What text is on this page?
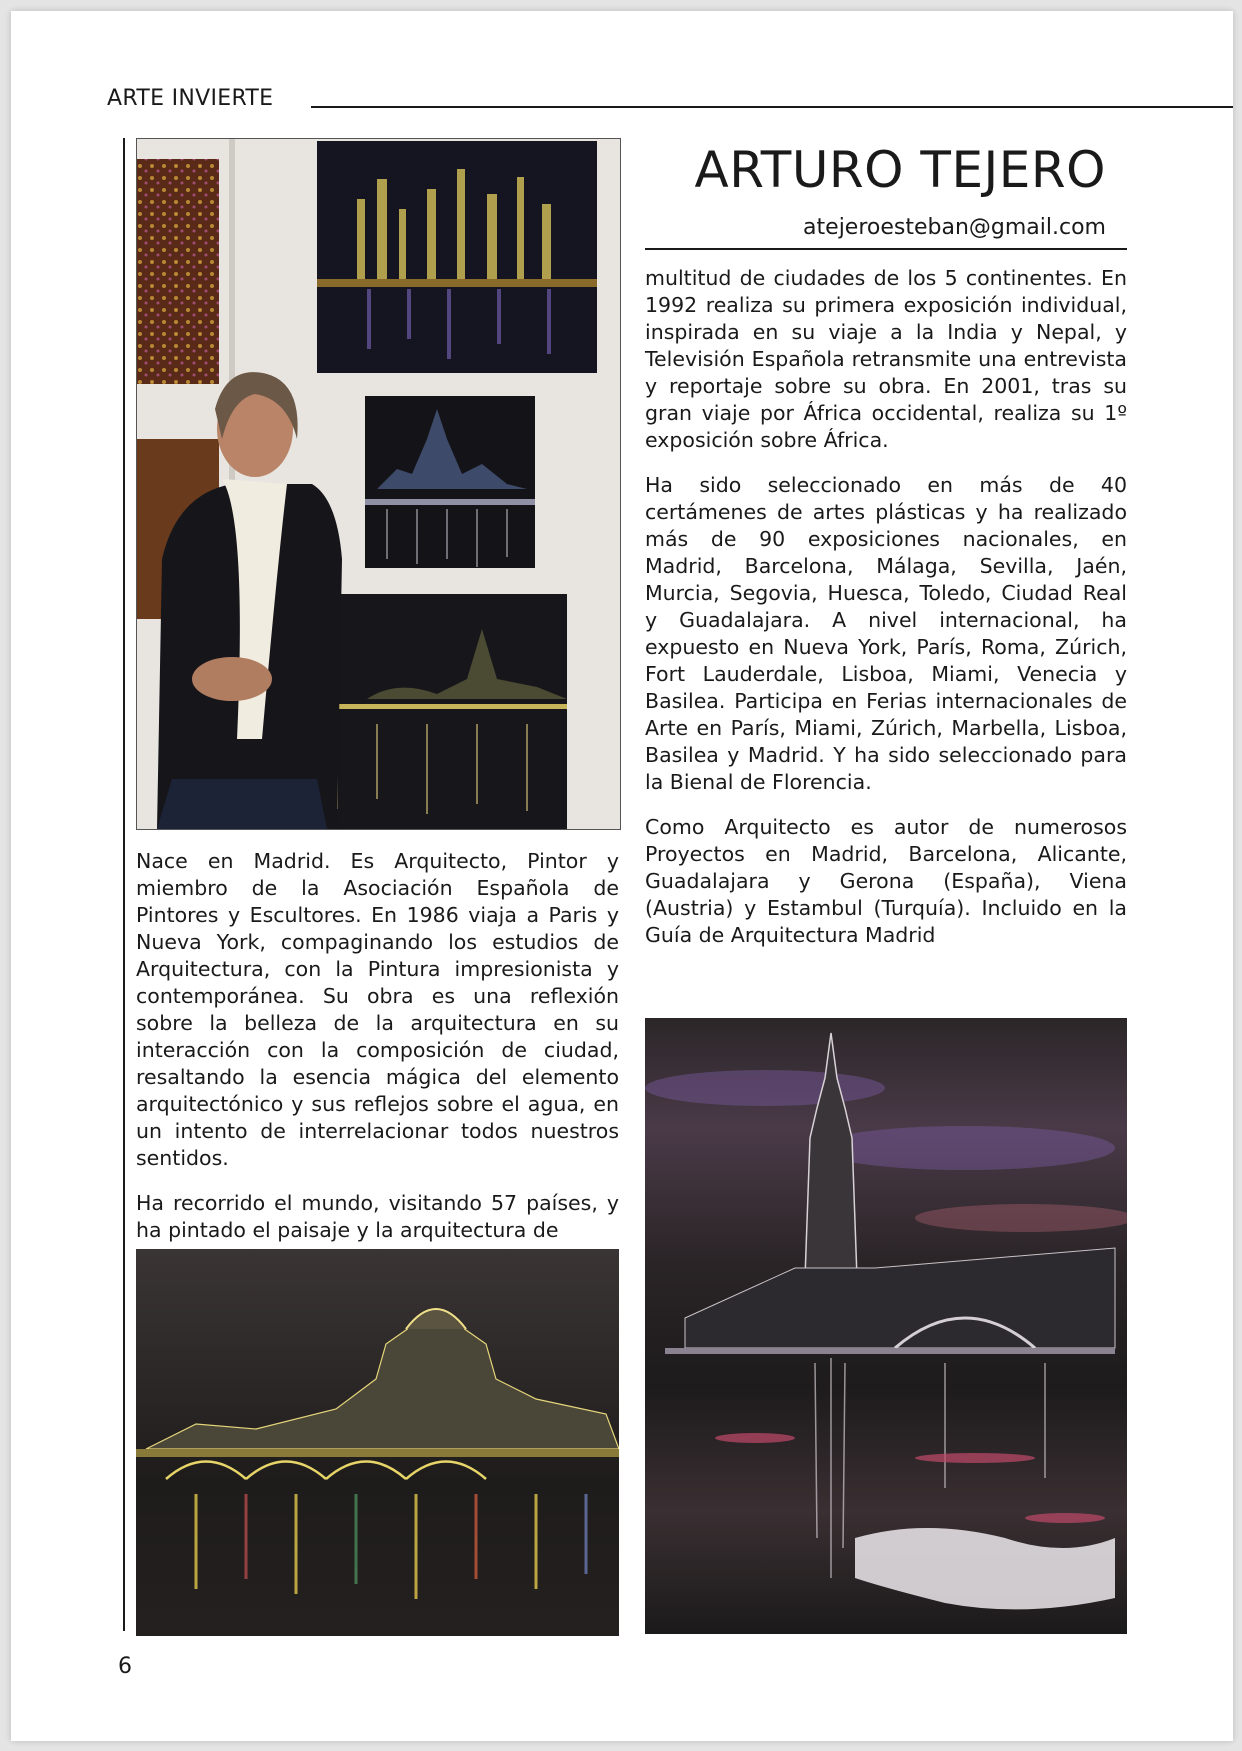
ARTE INVIERTE
ARTURO TEJERO
atejeroesteban@gmail.com

multitud de ciudades de los 5 continentes. En 1992 realiza su primera exposición individual, inspirada en su viaje a la India y Nepal, y Televisión Española retransmite una entrevista y reportaje sobre su obra. En 2001, tras su gran viaje por África occidental, realiza su 1º exposición sobre África.

Ha sido seleccionado en más de 40 certámenes de artes plásticas y ha realizado más de 90 exposiciones nacionales, en Madrid, Barcelona, Málaga, Sevilla, Jaén, Murcia, Segovia, Huesca, Toledo, Ciudad Real y Guadalajara. A nivel internacional, ha expuesto en Nueva York, París, Roma, Zúrich, Fort Lauderdale, Lisboa, Miami, Venecia y Basilea. Participa en Ferias internacionales de Arte en París, Miami, Zúrich, Marbella, Lisboa, Basilea y Madrid. Y ha sido seleccionado para la Bienal de Florencia.

Como Arquitecto es autor de numerosos Proyectos en Madrid, Barcelona, Alicante, Guadalajara y Gerona (España), Viena (Austria) y Estambul (Turquía). Incluido en la Guía de Arquitectura Madrid

Nace en Madrid. Es Arquitecto, Pintor y miembro de la Asociación Española de Pintores y Escultores. En 1986 viaja a Paris y Nueva York, compaginando los estudios de Arquitectura, con la Pintura impresionista y contemporánea. Su obra es una reflexión sobre la belleza de la arquitectura en su interacción con la composición de ciudad, resaltando la esencia mágica del elemento arquitectónico y sus reflejos sobre el agua, en un intento de interrelacionar todos nuestros sentidos.

Ha recorrido el mundo, visitando 57 países, y ha pintado el paisaje y la arquitectura de

6
